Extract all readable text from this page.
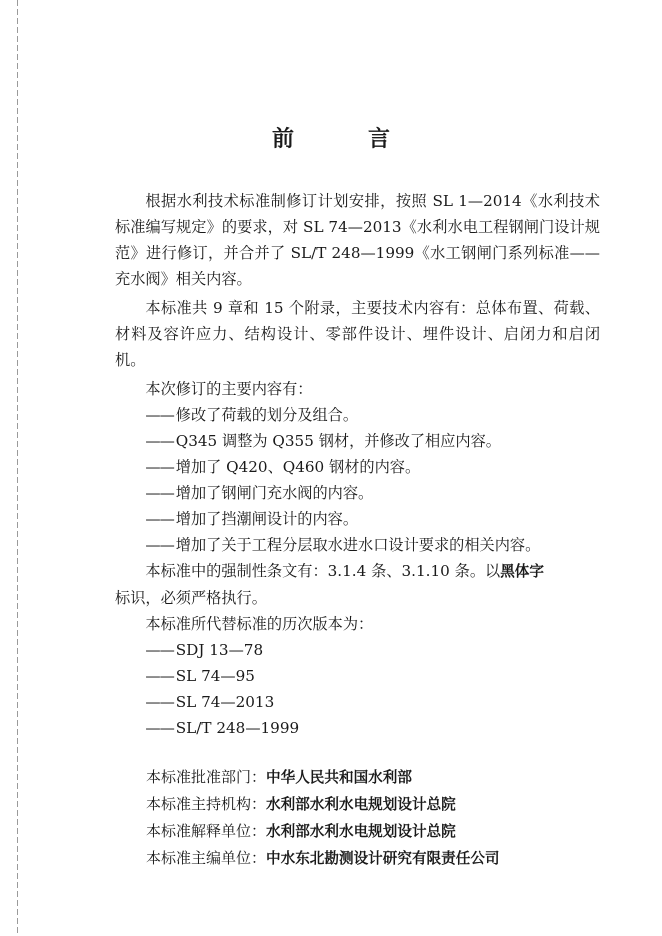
前　言

根据水利技术标准制修订计划安排，按照 SL 1—2014《水利技术标准编写规定》的要求，对 SL 74—2013《水利水电工程钢闸门设计规范》进行修订，并合并了 SL/T 248—1999《水工钢闸门系列标准——充水阀》相关内容。

本标准共 9 章和 15 个附录，主要技术内容有：总体布置、荷载、材料及容许应力、结构设计、零部件设计、埋件设计、启闭力和启闭机。

本次修订的主要内容有：

—— 修改了荷载的划分及组合。

—— Q345 调整为 Q355 钢材，并修改了相应内容。

—— 增加了 Q420、Q460 钢材的内容。

—— 增加了钢闸门充水阀的内容。

—— 增加了挡潮闸设计的内容。

—— 增加了关于工程分层取水进水口设计要求的相关内容。

本标准中的强制性条文有：3.1.4 条、3.1.10 条。以黑体字

标识，必须严格执行。

本标准所代替标准的历次版本为：

—— SDJ 13—78

—— SL 74—95

—— SL 74—2013

—— SL/T 248—1999

本标准批准部门：中华人民共和国水利部
本标准主持机构：水利部水利水电规划设计总院
本标准解释单位：水利部水利水电规划设计总院
本标准主编单位：中水东北勘测设计研究有限责任公司
